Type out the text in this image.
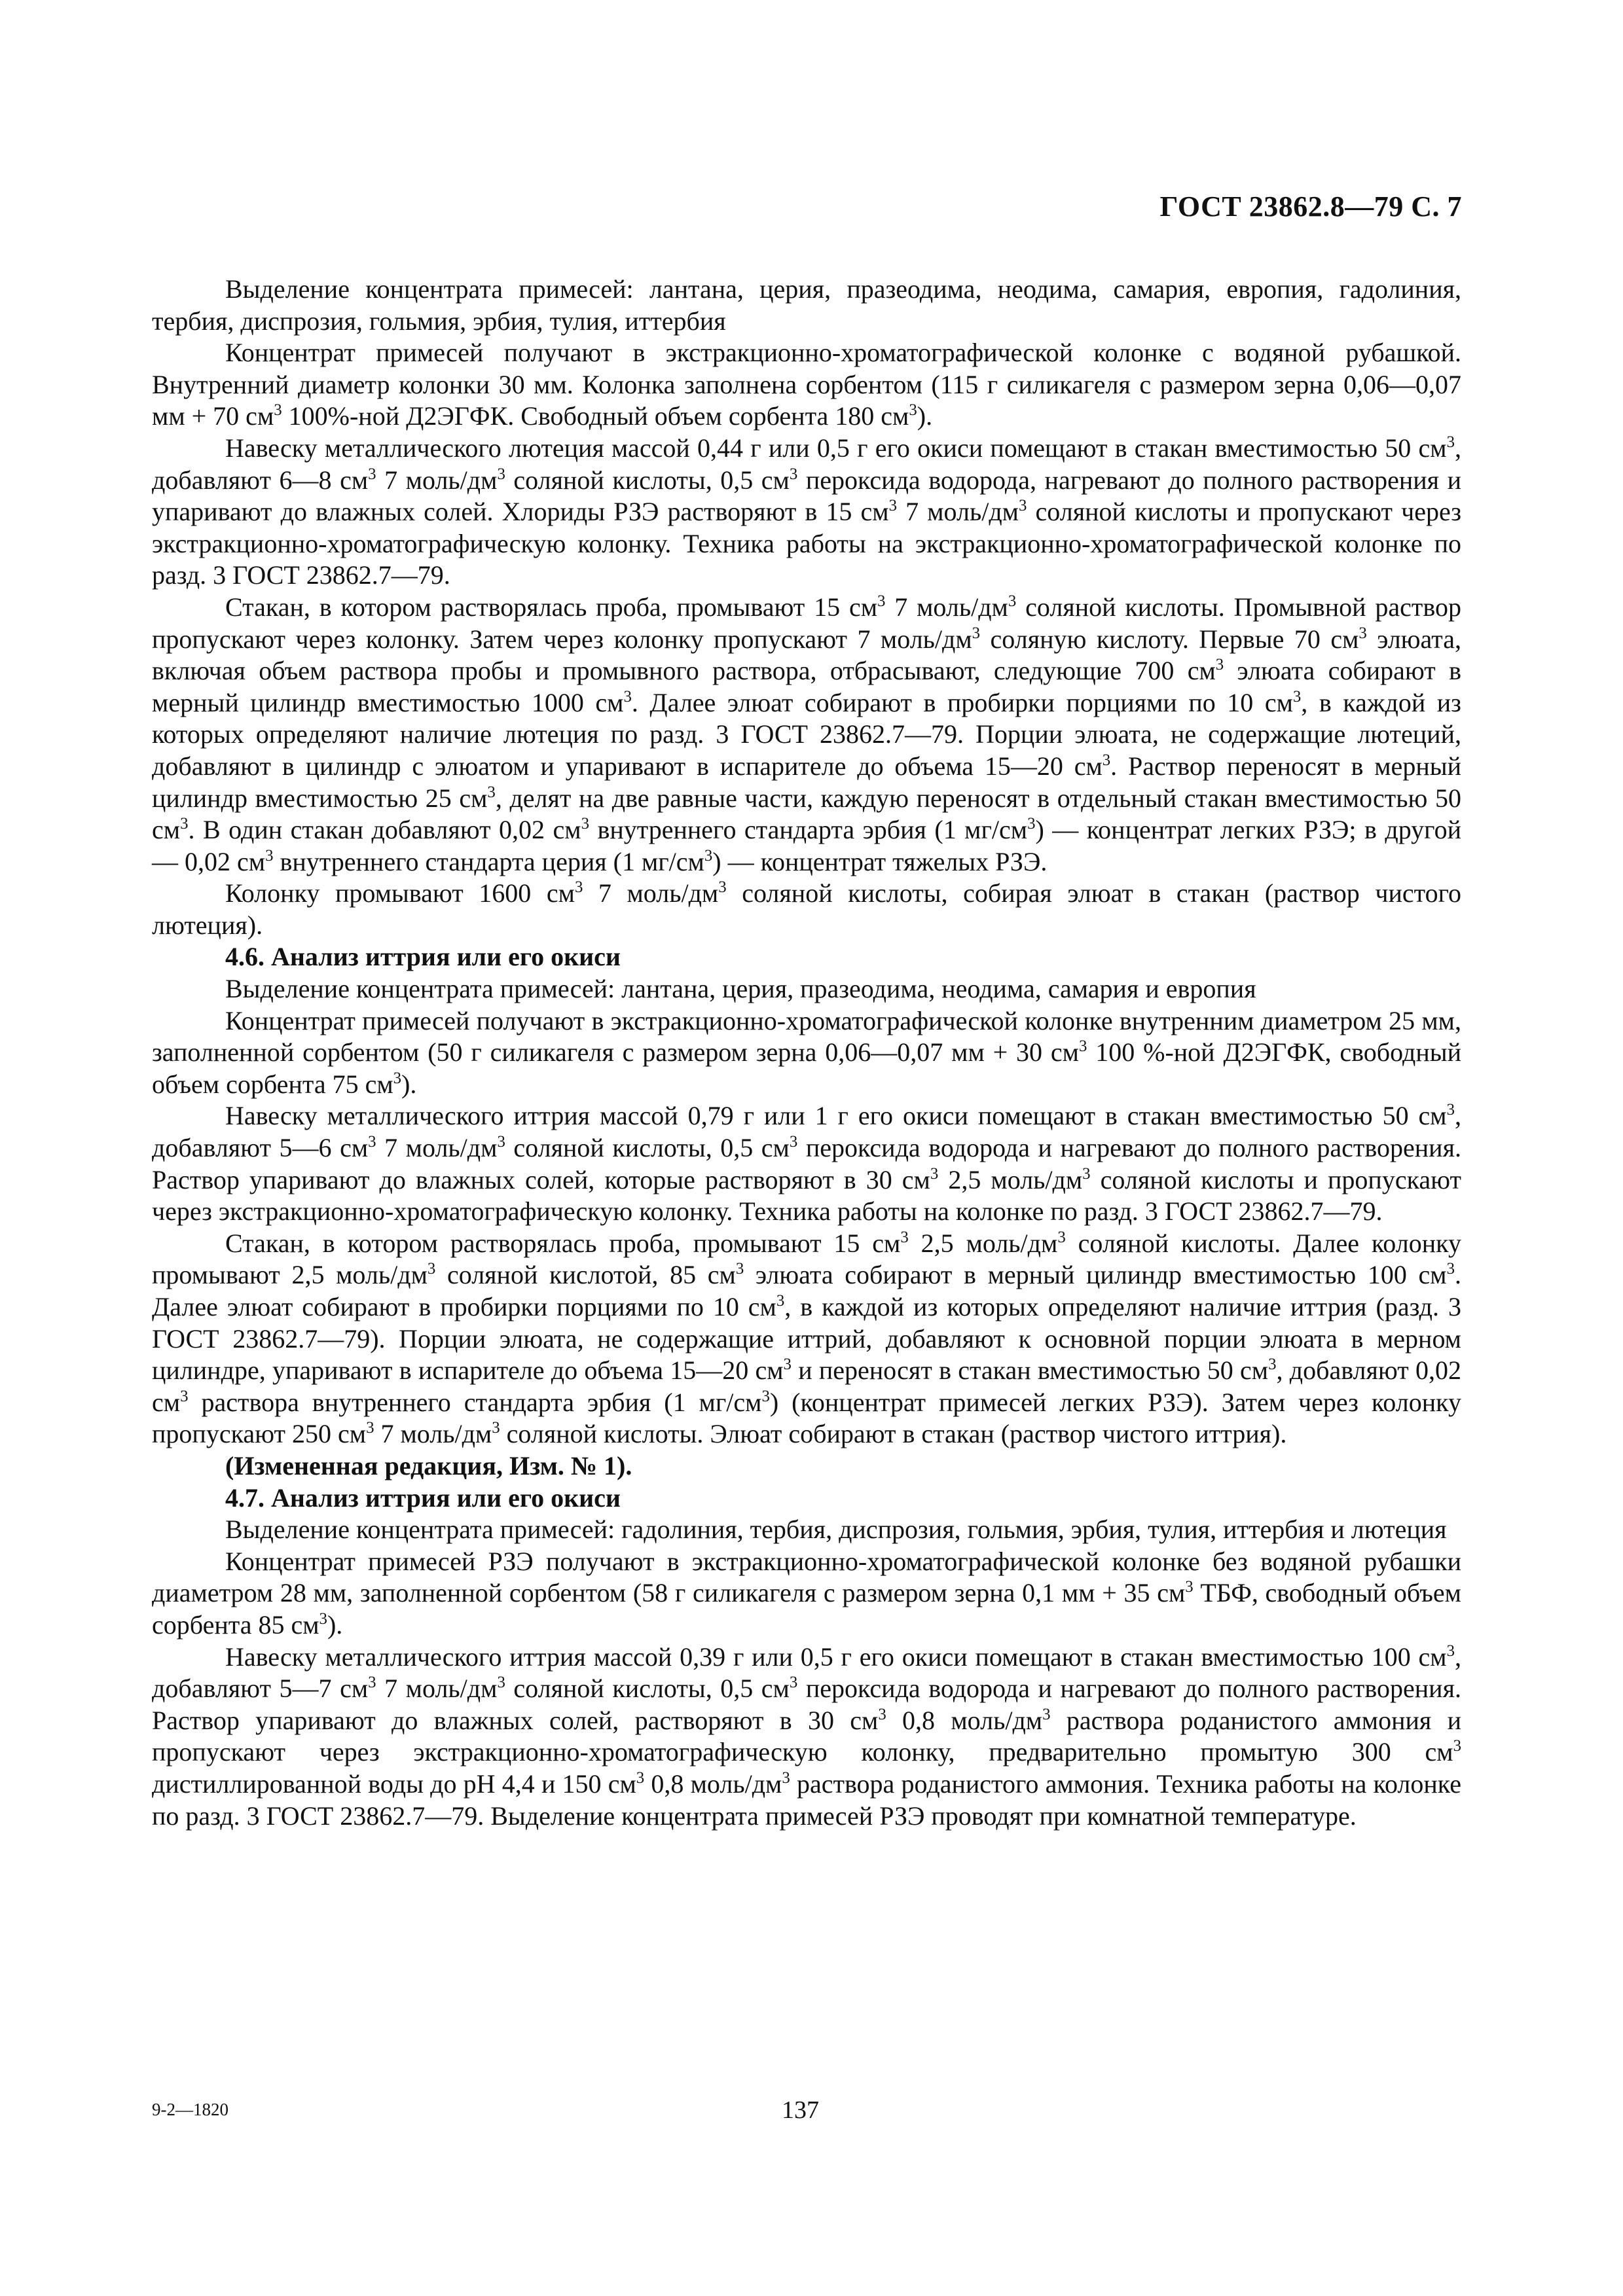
ГОСТ 23862.8—79 С. 7

Выделение концентрата примесей: лантана, церия, празеодима, неодима, самария, европия, гадолиния, тербия, диспрозия, гольмия, эрбия, тулия, иттербия

Концентрат примесей получают в экстракционно-хроматографической колонке с водяной рубашкой. Внутренний диаметр колонки 30 мм. Колонка заполнена сорбентом (115 г силикагеля с размером зерна 0,06—0,07 мм + 70 $см^3$ 100%-ной Д2ЭГФК. Свободный объем сорбента 180 $см^3$).

Навеску металлического лютеция массой 0,44 г или 0,5 г его окиси помещают в стакан вместимостью 50 $см^3$, добавляют 6—8 $см^3$ 7 моль/$дм^3$ соляной кислоты, 0,5 $см^3$ пероксида водорода, нагревают до полного растворения и упаривают до влажных солей. Хлориды РЗЭ растворяют в 15 $см^3$ 7 моль/$дм^3$ соляной кислоты и пропускают через экстракционно-хроматографическую колонку. Техника работы на экстракционно-хроматографической колонке по разд. 3 ГОСТ 23862.7—79.

Стакан, в котором растворялась проба, промывают 15 $см^3$ 7 моль/$дм^3$ соляной кислоты. Промывной раствор пропускают через колонку. Затем через колонку пропускают 7 моль/$дм^3$ соляную кислоту. Первые 70 $см^3$ элюата, включая объем раствора пробы и промывного раствора, отбрасывают, следующие 700 $см^3$ элюата собирают в мерный цилиндр вместимостью 1000 $см^3$. Далее элюат собирают в пробирки порциями по 10 $см^3$, в каждой из которых определяют наличие лютеция по разд. 3 ГОСТ 23862.7—79. Порции элюата, не содержащие лютеций, добавляют в цилиндр с элюатом и упаривают в испарителе до объема 15—20 $см^3$. Раствор переносят в мерный цилиндр вместимостью 25 $см^3$, делят на две равные части, каждую переносят в отдельный стакан вместимостью 50 $см^3$. В один стакан добавляют 0,02 $см^3$ внутреннего стандарта эрбия (1 $мг/см^3$) — концентрат легких РЗЭ; в другой — 0,02 $см^3$ внутреннего стандарта церия (1 $мг/см^3$) — концентрат тяжелых РЗЭ.

Колонку промывают 1600 $см^3$ 7 моль/$дм^3$ соляной кислоты, собирая элюат в стакан (раствор чистого лютеция).

4.6. Анализ иттрия или его окиси

Выделение концентрата примесей: лантана, церия, празеодима, неодима, самария и европия

Концентрат примесей получают в экстракционно-хроматографической колонке внутренним диаметром 25 мм, заполненной сорбентом (50 г силикагеля с размером зерна 0,06—0,07 мм + 30 $см^3$ 100 %-ной Д2ЭГФК, свободный объем сорбента 75 $см^3$).

Навеску металлического иттрия массой 0,79 г или 1 г его окиси помещают в стакан вместимостью 50 $см^3$, добавляют 5—6 $см^3$ 7 моль/$дм^3$ соляной кислоты, 0,5 $см^3$ пероксида водорода и нагревают до полного растворения. Раствор упаривают до влажных солей, которые растворяют в 30 $см^3$ 2,5 моль/$дм^3$ соляной кислоты и пропускают через экстракционно-хроматографическую колонку. Техника работы на колонке по разд. 3 ГОСТ 23862.7—79.

Стакан, в котором растворялась проба, промывают 15 $см^3$ 2,5 моль/$дм^3$ соляной кислоты. Далее колонку промывают 2,5 моль/$дм^3$ соляной кислотой, 85 $см^3$ элюата собирают в мерный цилиндр вместимостью 100 $см^3$. Далее элюат собирают в пробирки порциями по 10 $см^3$, в каждой из которых определяют наличие иттрия (разд. 3 ГОСТ 23862.7—79). Порции элюата, не содержащие иттрий, добавляют к основной порции элюата в мерном цилиндре, упаривают в испарителе до объема 15—20 $см^3$ и переносят в стакан вместимостью 50 $см^3$, добавляют 0,02 $см^3$ раствора внутреннего стандарта эрбия (1 $мг/см^3$) (концентрат примесей легких РЗЭ). Затем через колонку пропускают 250 $см^3$ 7 моль/$дм^3$ соляной кислоты. Элюат собирают в стакан (раствор чистого иттрия).

(Измененная редакция, Изм. № 1).

4.7. Анализ иттрия или его окиси

Выделение концентрата примесей: гадолиния, тербия, диспрозия, гольмия, эрбия, тулия, иттербия и лютеция

Концентрат примесей РЗЭ получают в экстракционно-хроматографической колонке без водяной рубашки диаметром 28 мм, заполненной сорбентом (58 г силикагеля с размером зерна 0,1 мм + 35 $см^3$ ТБФ, свободный объем сорбента 85 $см^3$).

Навеску металлического иттрия массой 0,39 г или 0,5 г его окиси помещают в стакан вместимостью 100 $см^3$, добавляют 5—7 $см^3$ 7 моль/$дм^3$ соляной кислоты, 0,5 $см^3$ пероксида водорода и нагревают до полного растворения. Раствор упаривают до влажных солей, растворяют в 30 $см^3$ 0,8 моль/$дм^3$ раствора роданистого аммония и пропускают через экстракционно-хроматографическую колонку, предварительно промытую 300 $см^3$ дистиллированной воды до pH 4,4 и 150 $см^3$ 0,8 моль/$дм^3$ раствора роданистого аммония. Техника работы на колонке по разд. 3 ГОСТ 23862.7—79. Выделение концентрата примесей РЗЭ проводят при комнатной температуре.

9-2—1820	137
